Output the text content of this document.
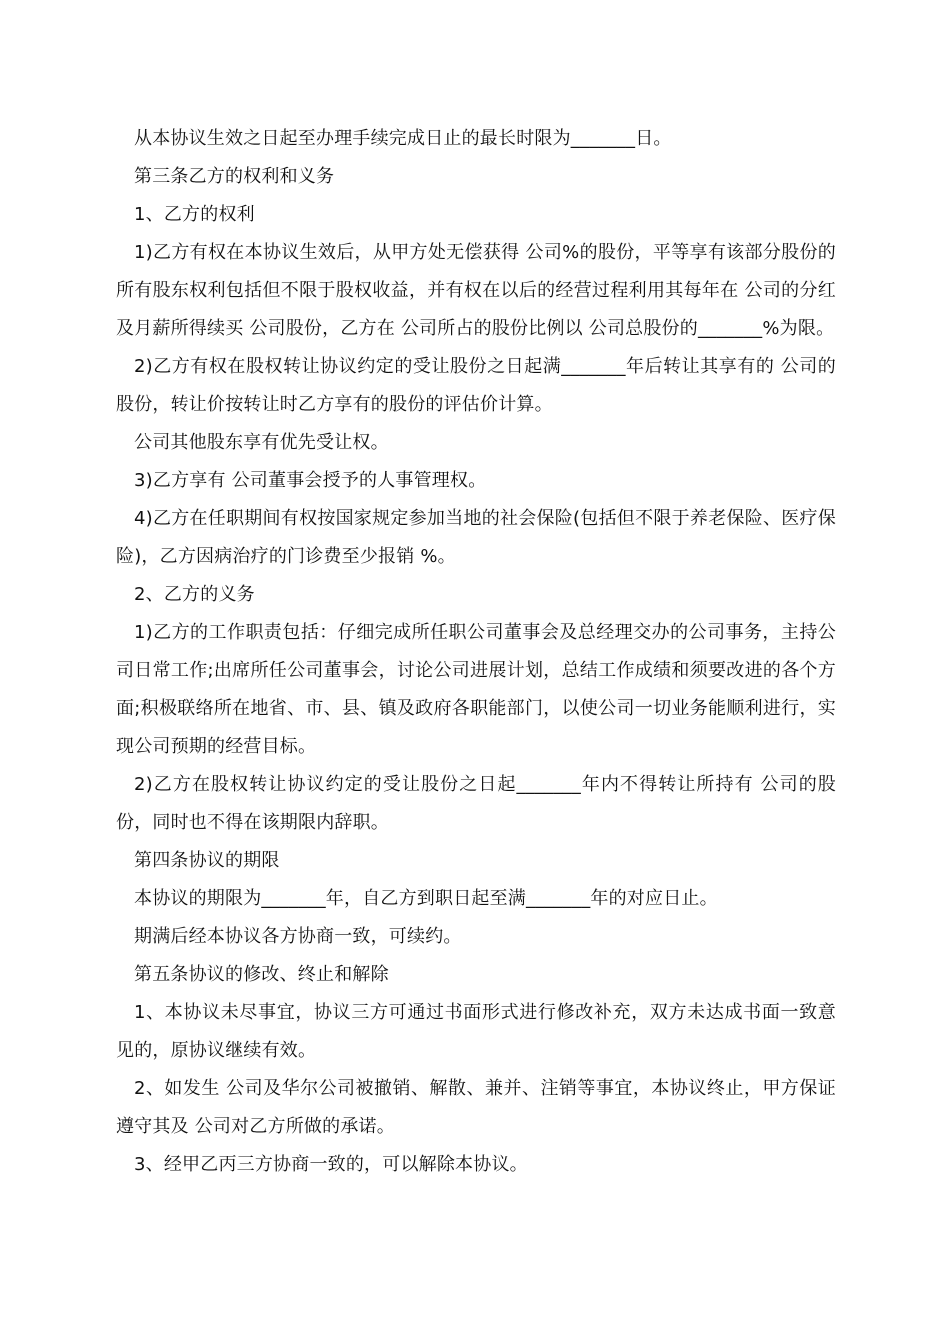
从本协议生效之日起至办理手续完成日止的最长时限为_______日。

第三条乙方的权利和义务

1、乙方的权利

1)乙方有权在本协议生效后，从甲方处无偿获得 公司%的股份，平等享有该部分股份的所有股东权利包括但不限于股权收益，并有权在以后的经营过程利用其每年在 公司的分红及月薪所得续买 公司股份，乙方在 公司所占的股份比例以 公司总股份的_______%为限。

2)乙方有权在股权转让协议约定的受让股份之日起满_______年后转让其享有的 公司的股份，转让价按转让时乙方享有的股份的评估价计算。

公司其他股东享有优先受让权。

3)乙方享有 公司董事会授予的人事管理权。

4)乙方在任职期间有权按国家规定参加当地的社会保险(包括但不限于养老保险、医疗保险)，乙方因病治疗的门诊费至少报销 %。

2、乙方的义务

1)乙方的工作职责包括：仔细完成所任职公司董事会及总经理交办的公司事务，主持公司日常工作;出席所任公司董事会，讨论公司进展计划，总结工作成绩和须要改进的各个方面;积极联络所在地省、市、县、镇及政府各职能部门，以使公司一切业务能顺利进行，实现公司预期的经营目标。

2)乙方在股权转让协议约定的受让股份之日起_______年内不得转让所持有 公司的股份，同时也不得在该期限内辞职。

第四条协议的期限

本协议的期限为_______年，自乙方到职日起至满_______年的对应日止。

期满后经本协议各方协商一致，可续约。

第五条协议的修改、终止和解除

1、本协议未尽事宜，协议三方可通过书面形式进行修改补充，双方未达成书面一致意见的，原协议继续有效。

2、如发生 公司及华尔公司被撤销、解散、兼并、注销等事宜，本协议终止，甲方保证遵守其及 公司对乙方所做的承诺。

3、经甲乙丙三方协商一致的，可以解除本协议。
